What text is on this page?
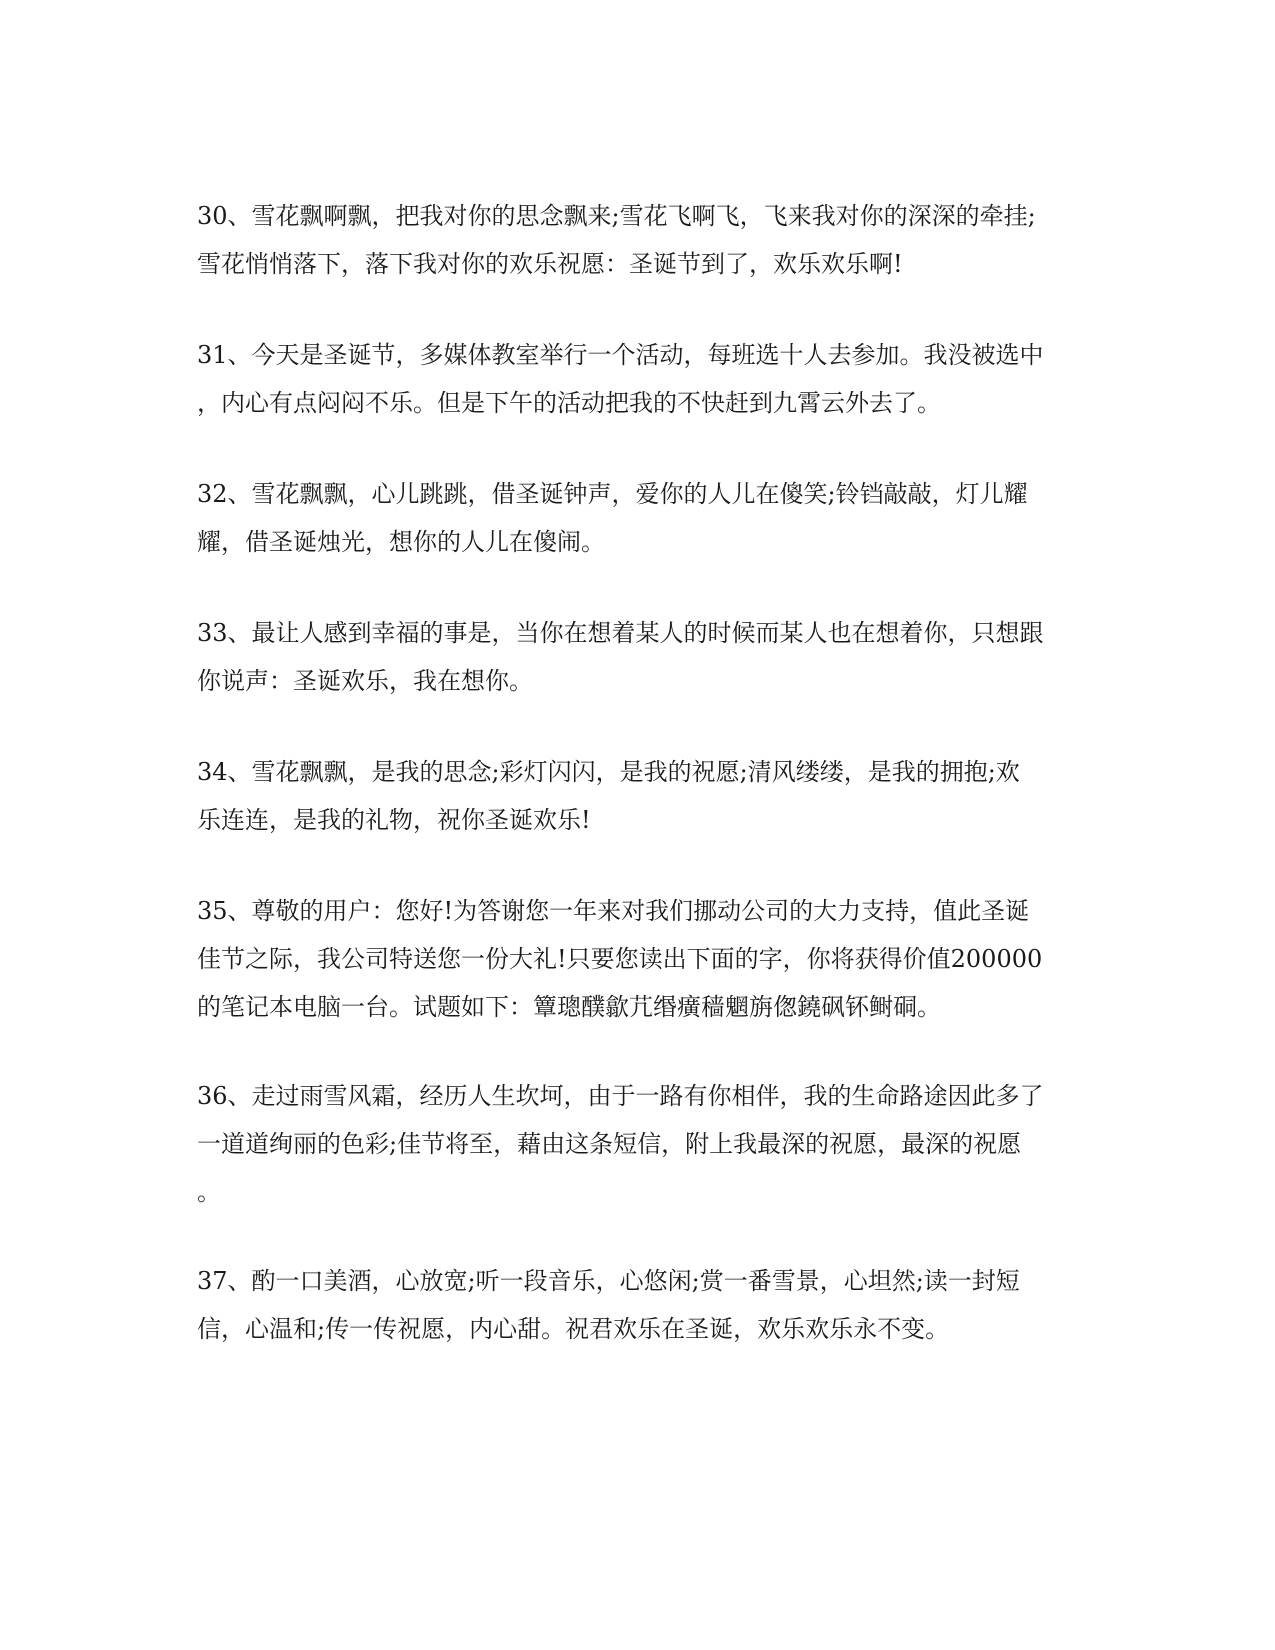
30、雪花飘啊飘，把我对你的思念飘来;雪花飞啊飞，飞来我对你的深深的牵挂;
雪花悄悄落下，落下我对你的欢乐祝愿：圣诞节到了，欢乐欢乐啊!
31、今天是圣诞节，多媒体教室举行一个活动，每班选十人去参加。我没被选中
，内心有点闷闷不乐。但是下午的活动把我的不快赶到九霄云外去了。
32、雪花飘飘，心儿跳跳，借圣诞钟声，爱你的人儿在傻笑;铃铛敲敲，灯儿耀
耀，借圣诞烛光，想你的人儿在傻闹。
33、最让人感到幸福的事是，当你在想着某人的时候而某人也在想着你，只想跟
你说声：圣诞欢乐，我在想你。
34、雪花飘飘，是我的思念;彩灯闪闪，是我的祝愿;清风缕缕，是我的拥抱;欢
乐连连，是我的礼物，祝你圣诞欢乐!
35、尊敬的用户：您好!为答谢您一年来对我们挪动公司的大力支持，值此圣诞
佳节之际，我公司特送您一份大礼!只要您读出下面的字，你将获得价值200000
的笔记本电脑一台。试题如下：簟璁醭歙芁缗癀穑魍旃偬鐃砜钚鲥硐。
36、走过雨雪风霜，经历人生坎坷，由于一路有你相伴，我的生命路途因此多了
一道道绚丽的色彩;佳节将至，藉由这条短信，附上我最深的祝愿，最深的祝愿
。
37、酌一口美酒，心放宽;听一段音乐，心悠闲;赏一番雪景，心坦然;读一封短
信，心温和;传一传祝愿，内心甜。祝君欢乐在圣诞，欢乐欢乐永不变。
